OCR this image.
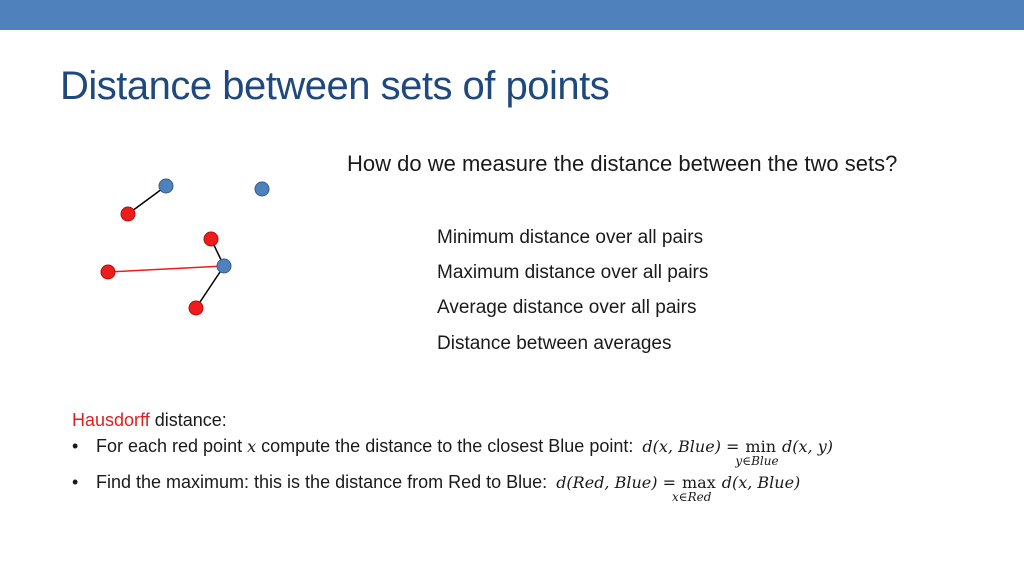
Distance between sets of points
How do we measure the distance between the two sets?
Minimum distance over all pairs
Maximum distance over all pairs
Average distance over all pairs
Distance between averages
Hausdorff distance:
• For each red point x compute the distance to the closest Blue point: d(x, Blue) = min
y∈Blue
d(x, y)
• Find the maximum: this is the distance from Red to Blue: d(Red, Blue) = max
x∈Red
d(x, Blue)
